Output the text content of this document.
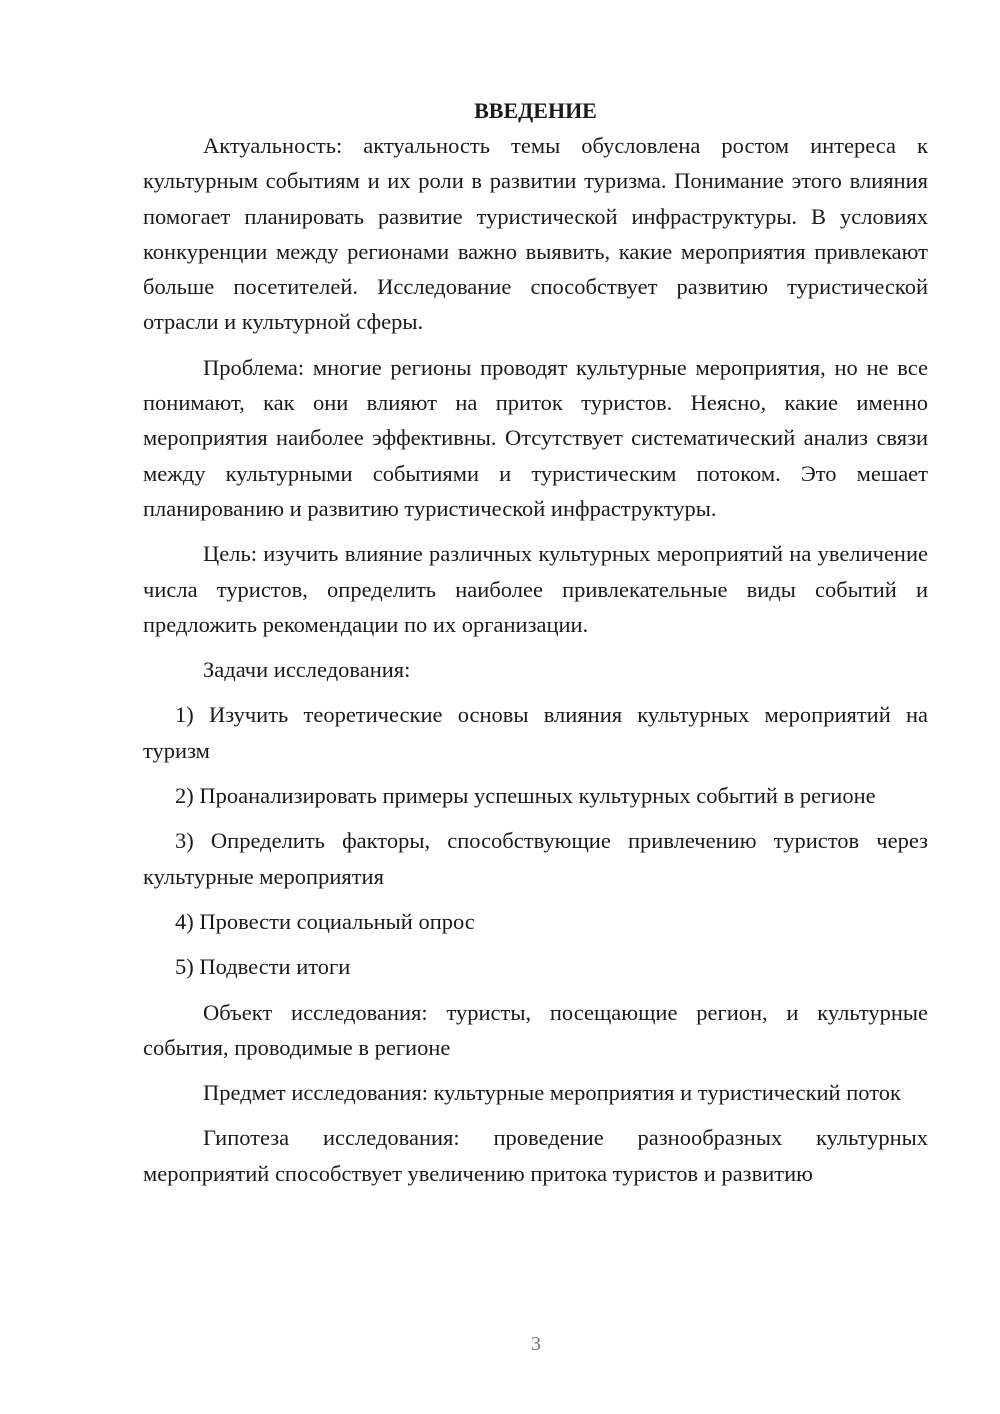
ВВЕДЕНИЕ

Актуальность: актуальность темы обусловлена ростом интереса к культурным событиям и их роли в развитии туризма. Понимание этого влияния помогает планировать развитие туристической инфраструктуры. В условиях конкуренции между регионами важно выявить, какие мероприятия привлекают больше посетителей. Исследование способствует развитию туристической отрасли и культурной сферы.

Проблема: многие регионы проводят культурные мероприятия, но не все понимают, как они влияют на приток туристов. Неясно, какие именно мероприятия наиболее эффективны. Отсутствует систематический анализ связи между культурными событиями и туристическим потоком. Это мешает планированию и развитию туристической инфраструктуры.

Цель: изучить влияние различных культурных мероприятий на увеличение числа туристов, определить наиболее привлекательные виды событий и предложить рекомендации по их организации.

Задачи исследования:

1) Изучить теоретические основы влияния культурных мероприятий на туризм

2) Проанализировать примеры успешных культурных событий в регионе

3) Определить факторы, способствующие привлечению туристов через культурные мероприятия

4) Провести социальный опрос

5) Подвести итоги

Объект исследования: туристы, посещающие регион, и культурные события, проводимые в регионе

Предмет исследования: культурные мероприятия и туристический поток

Гипотеза исследования: проведение разнообразных культурных мероприятий способствует увеличению притока туристов и развитию

3
